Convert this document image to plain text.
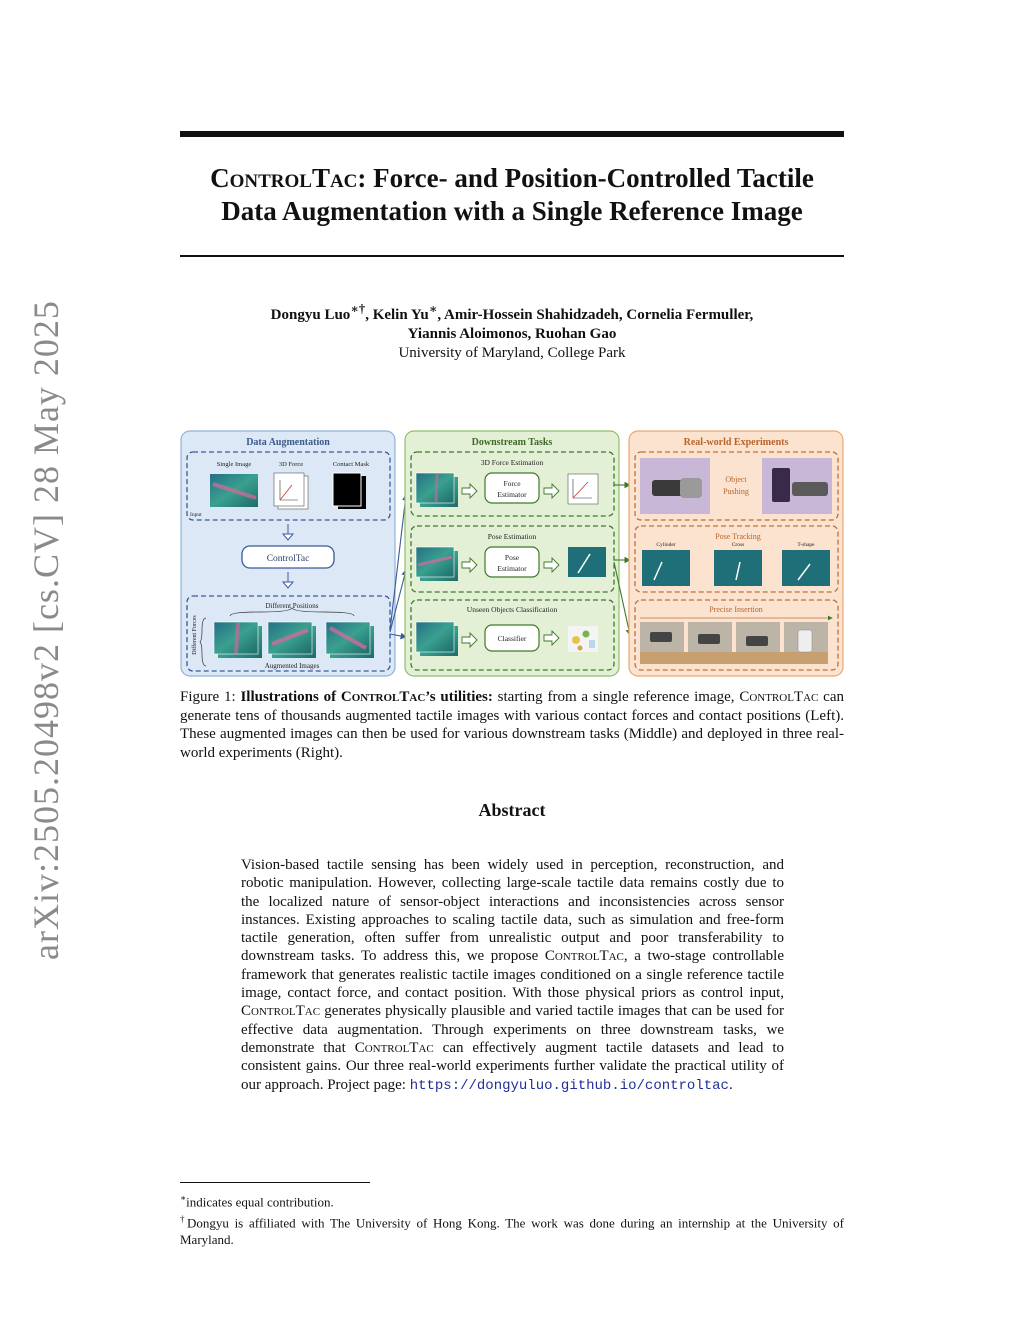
arXiv:2505.20498v2 [cs.CV] 28 May 2025
ControlTac: Force- and Position-Controlled Tactile
Data Augmentation with a Single Reference Image
Dongyu Luo∗†, Kelin Yu∗, Amir-Hossein Shahidzadeh, Cornelia Fermuller,
Yiannis Aloimonos, Ruohan Gao
University of Maryland, College Park
Data Augmentation
Single Image	3D Force	Contact Mask
Input
ControlTac
Different Positions
Different Forces
Augmented Images
Downstream Tasks
3D Force Estimation
Force
Estimator
Pose Estimation
Pose
Estimator
Unseen Objects Classification
Classifier
Real-world Experiments
Object
Pushing
Pose Tracking
Cylinder	Cross	T-shape
Precise Insertion
Figure 1: Illustrations of ControlTac’s utilities: starting from a single reference image, ControlTac can generate tens of thousands augmented tactile images with various contact forces and contact positions (Left). These augmented images can then be used for various downstream tasks (Middle) and deployed in three real-world experiments (Right).
Abstract
Vision-based tactile sensing has been widely used in perception, reconstruction, and robotic manipulation. However, collecting large-scale tactile data remains costly due to the localized nature of sensor-object interactions and inconsistencies across sensor instances. Existing approaches to scaling tactile data, such as simulation and free-form tactile generation, often suffer from unrealistic output and poor transferability to downstream tasks. To address this, we propose ControlTac, a two-stage controllable framework that generates realistic tactile images conditioned on a single reference tactile image, contact force, and contact position. With those physical priors as control input, ControlTac generates physically plausible and varied tactile images that can be used for effective data augmentation. Through experiments on three downstream tasks, we demonstrate that ControlTac can effectively augment tactile datasets and lead to consistent gains. Our three real-world experiments further validate the practical utility of our approach. Project page: https://dongyuluo.github.io/controltac.
∗indicates equal contribution.
†Dongyu is affiliated with The University of Hong Kong. The work was done during an internship at the University of Maryland.
